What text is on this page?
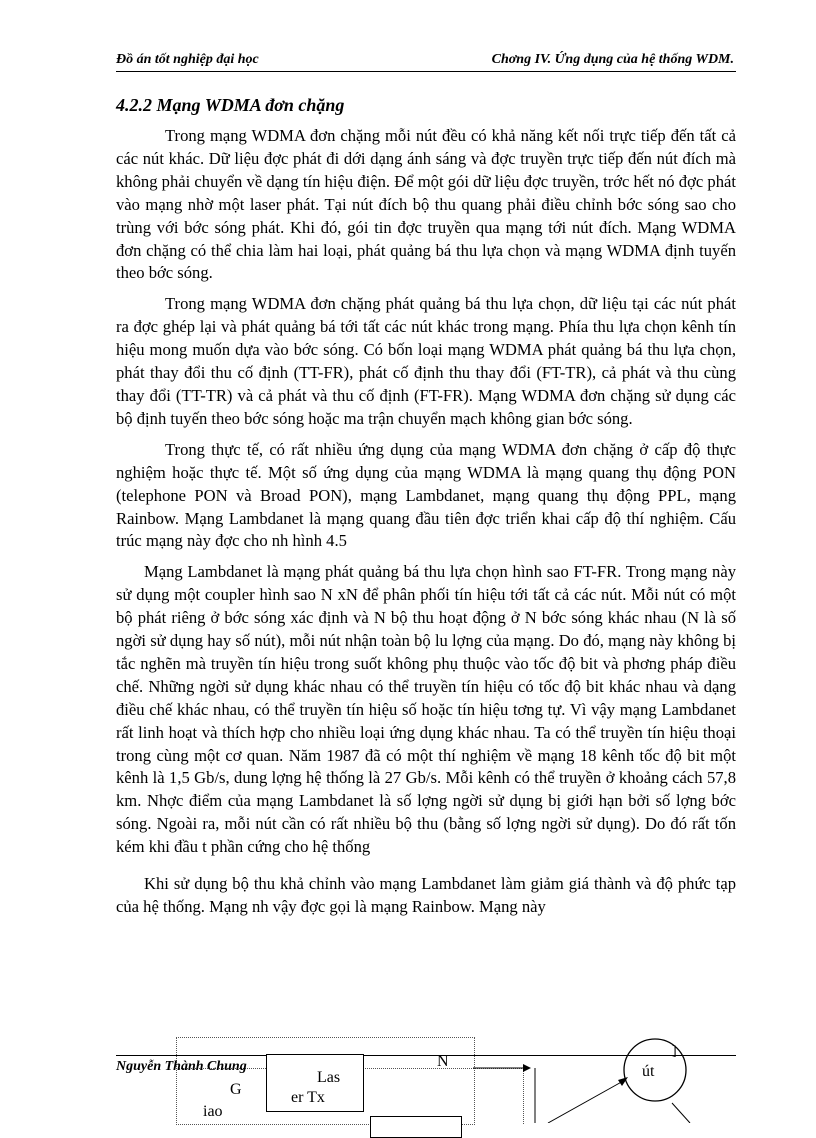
Đồ án tốt nghiệp đại học	Chơng IV. Ứng dụng của hệ thống WDM.
4.2.2 Mạng WDMA đơn chặng

Trong mạng WDMA đơn chặng mỗi nút đều có khả năng kết nối trực tiếp đến tất cả các nút khác. Dữ liệu đợc phát đi dới dạng ánh sáng và đợc truyền trực tiếp đến nút đích mà không phải chuyển về dạng tín hiệu điện. Để một gói dữ liệu đợc truyền, trớc hết nó đợc phát vào mạng nhờ một laser phát. Tại nút đích bộ thu quang phải điều chỉnh bớc sóng sao cho trùng với bớc sóng phát. Khi đó, gói tin đợc truyền qua mạng tới nút đích. Mạng WDMA đơn chặng có thể chia làm hai loại, phát quảng bá thu lựa chọn và mạng WDMA định tuyến theo bớc sóng.

Trong mạng WDMA đơn chặng phát quảng bá thu lựa chọn, dữ liệu tại các nút phát ra đợc ghép lại và phát quảng bá tới tất các nút khác trong mạng. Phía thu lựa chọn kênh tín hiệu mong muốn dựa vào bớc sóng. Có bốn loại mạng WDMA phát quảng bá thu lựa chọn, phát thay đổi thu cố định (TT-FR), phát cố định thu thay đổi (FT-TR), cả phát và thu cùng thay đổi (TT-TR) và cả phát và thu cố định (FT-FR). Mạng WDMA đơn chặng sử dụng các bộ định tuyến theo bớc sóng hoặc ma trận chuyển mạch không gian bớc sóng.

Trong thực tế, có rất nhiều ứng dụng của mạng WDMA đơn chặng ở cấp độ thực nghiệm hoặc thực tế. Một số ứng dụng của mạng WDMA là mạng quang thụ động PON (telephone PON và Broad PON), mạng Lambdanet, mạng quang thụ động PPL, mạng Rainbow. Mạng Lambdanet là mạng quang đầu tiên đợc triển khai cấp độ thí nghiệm. Cấu trúc mạng này đợc cho nh hình 4.5

Mạng Lambdanet là mạng phát quảng bá thu lựa chọn hình sao FT-FR. Trong mạng này sử dụng một coupler hình sao N xN để phân phối tín hiệu tới tất cả các nút. Mỗi nút có một bộ phát riêng ở bớc sóng xác định và N bộ thu hoạt động ở N bớc sóng khác nhau (N là số ngời sử dụng hay số nút), mỗi nút nhận toàn bộ lu lợng của mạng. Do đó, mạng này không bị tắc nghẽn mà truyền tín hiệu trong suốt không phụ thuộc vào tốc độ bit và phơng pháp điều chế. Những ngời sử dụng khác nhau có thể truyền tín hiệu có tốc độ bit khác nhau và dạng điều chế khác nhau, có thể truyền tín hiệu số hoặc tín hiệu tơng tự. Vì vậy mạng Lambdanet rất linh hoạt và thích hợp cho nhiều loại ứng dụng khác nhau. Ta có thể truyền tín hiệu thoại trong cùng một cơ quan. Năm 1987 đã có một thí nghiệm về mạng 18 kênh tốc độ bit một kênh là 1,5 Gb/s, dung lợng hệ thống là 27 Gb/s. Mỗi kênh có thể truyền ở khoảng cách 57,8 km. Nhợc điểm của mạng Lambdanet là số lợng ngời sử dụng bị giới hạn bởi số lợng bớc sóng. Ngoài ra, mỗi nút cần có rất nhiều bộ thu (bằng số lợng ngời sử dụng). Do đó rất tốn kém khi đầu t phần cứng cho hệ thống

Khi sử dụng bộ thu khả chỉnh vào mạng Lambdanet làm giảm giá thành và độ phức tạp của hệ thống. Mạng nh vậy đợc gọi là mạng Rainbow. Mạng này

Nguyễn Thành Chung
Las
er Tx
G
iao
N
út
]
